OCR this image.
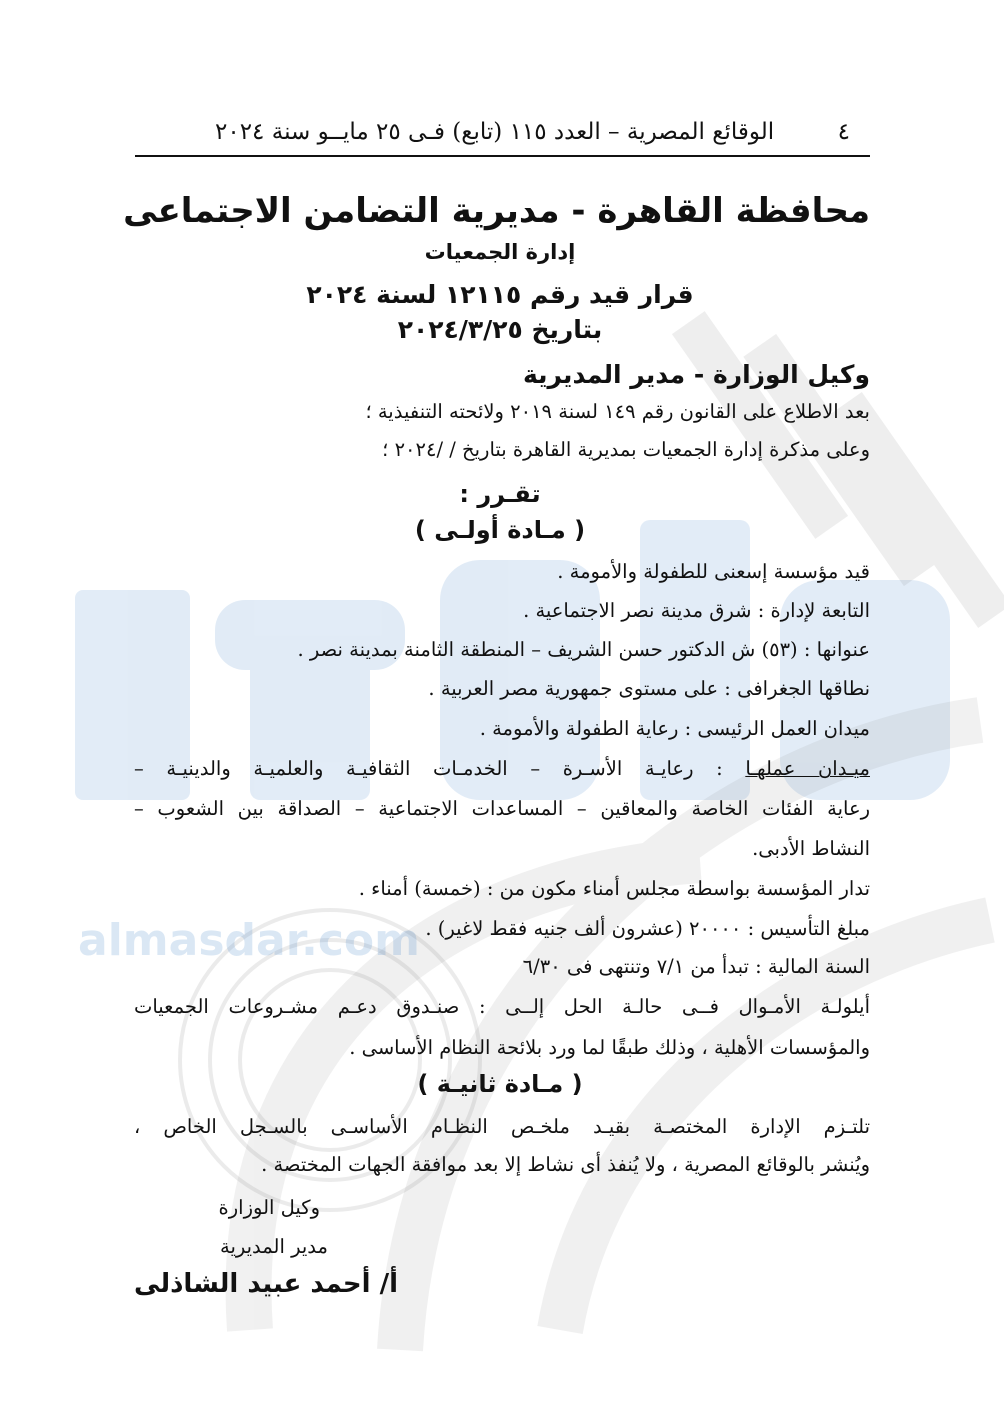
almasdar.com
٤
الوقائع المصرية – العدد ١١٥ (تابع) فـى ٢٥ مايــو سنة ٢٠٢٤
محافظة القاهرة - مديرية التضامن الاجتماعى
إدارة الجمعيات
قرار قيد رقم ١٢١١٥ لسنة ٢٠٢٤
بتاريخ ٢٠٢٤/٣/٢٥
وكيل الوزارة - مدير المديرية
بعد الاطلاع على القانون رقم ١٤٩ لسنة ٢٠١٩ ولائحته التنفيذية ؛
وعلى مذكرة إدارة الجمعيات بمديرية القاهرة بتاريخ / /٢٠٢٤ ؛
تقـرر :
( مـادة أولـى )
قيد مؤسسة إسعنى للطفولة والأمومة .
التابعة لإدارة : شرق مدينة نصر الاجتماعية .
عنوانها : (٥٣) ش الدكتور حسن الشريف – المنطقة الثامنة بمدينة نصر .
نطاقها الجغرافى : على مستوى جمهورية مصر العربية .
ميدان العمل الرئيسى : رعاية الطفولة والأمومة .
ميـدان عملهـا : رعايـة الأسـرة – الخدمـات الثقافيـة والعلميـة والدينيـة –
رعاية الفئات الخاصة والمعاقين – المساعدات الاجتماعية – الصداقة بين الشعوب –
النشاط الأدبى.
تدار المؤسسة بواسطة مجلس أمناء مكون من : (خمسة) أمناء .
مبلغ التأسيس : ٢٠٠٠٠ (عشرون ألف جنيه فقط لاغير) .
السنة المالية : تبدأ من ٧/١ وتنتهى فى ٦/٣٠
أيلولـة الأمـوال فــى حالـة الحل إلــى : صنـدوق دعـم مشـروعات الجمعيات
والمؤسسات الأهلية ، وذلك طبقًا لما ورد بلائحة النظام الأساسى .
( مـادة ثانيـة )
تلتـزم الإدارة المختصـة بقيـد ملخـص النظـام الأساسـى بالسـجل الخاص ،
ويُنشر بالوقائع المصرية ، ولا يُنفذ أى نشاط إلا بعد موافقة الجهات المختصة .
وكيل الوزارة
مدير المديرية
أ/ أحمد عبيد الشاذلى
